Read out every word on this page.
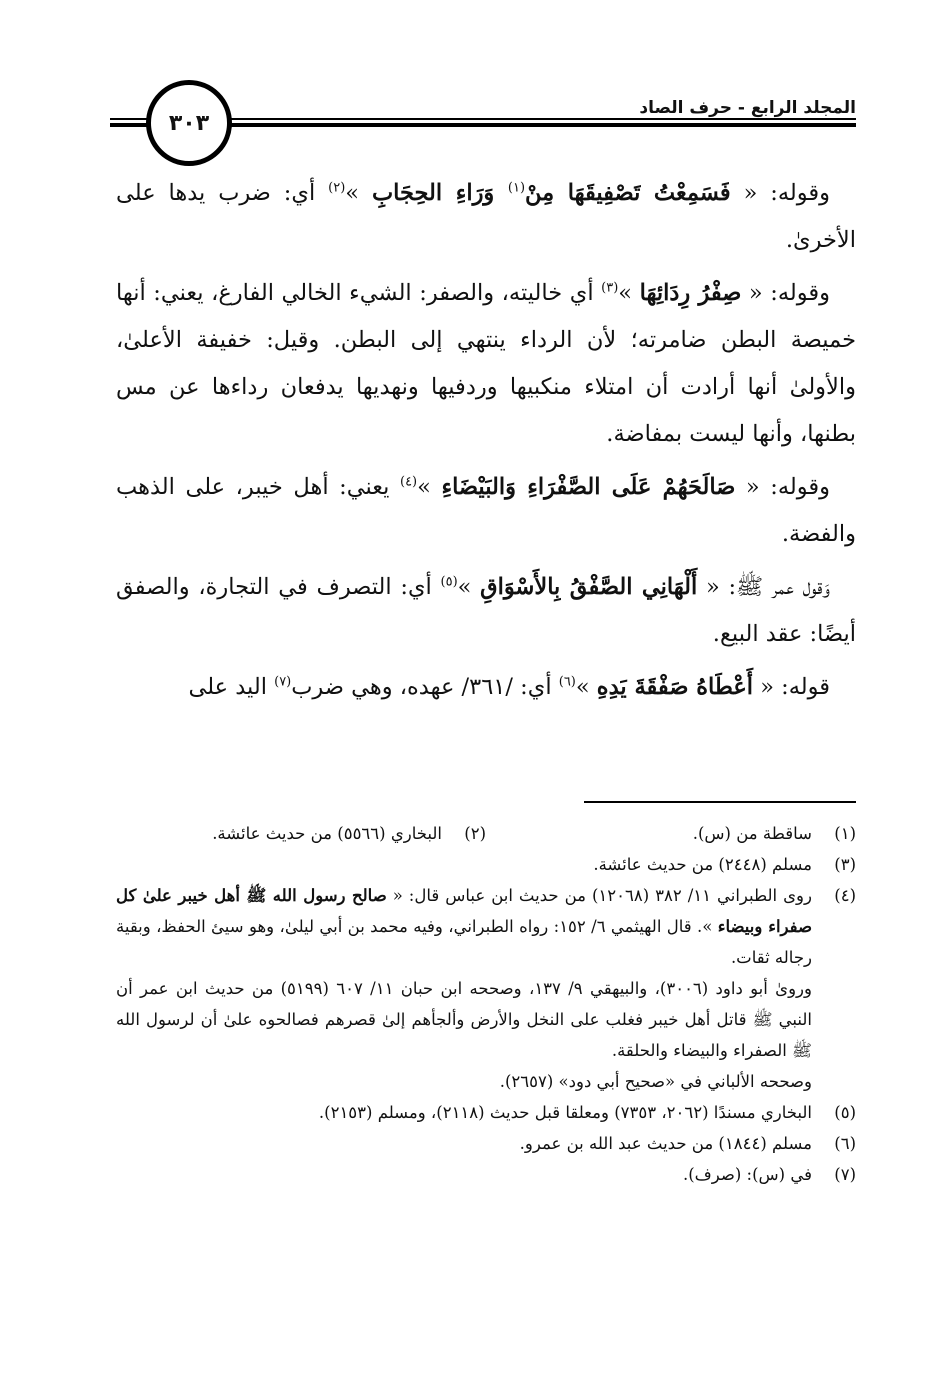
المجلد الرابع - حرف الصاد
٣٠٣

وقوله: « فَسَمِعْتُ تَصْفِيقَهَا مِنْ$^{(١)}$ وَرَاءِ الحِجَابِ »$^{(٢)}$ أي: ضرب يدها على الأخرىٰ.

وقوله: « صِفْرُ رِدَائِهَا »$^{(٣)}$ أي خاليته، والصفر: الشيء الخالي الفارغ، يعني: أنها خميصة البطن ضامرته؛ لأن الرداء ينتهي إلى البطن. وقيل: خفيفة الأعلىٰ، والأولىٰ أنها أرادت أن امتلاء منكبيها وردفيها ونهديها يدفعان رداءها عن مس بطنها، وأنها ليست بمفاضة.

وقوله: « صَالَحَهُمْ عَلَى الصَّفْرَاءِ وَالبَيْضَاءِ »$^{(٤)}$ يعني: أهل خيبر، على الذهب والفضة.

وَقول عمر ﷺ: « أَلْهَانِي الصَّفْقُ بِالأَسْوَاقِ »$^{(٥)}$ أي: التصرف في التجارة، والصفق أيضًا: عقد البيع.

قوله: « أَعْطَاهُ صَفْقَةَ يَدِهِ »$^{(٦)}$ أي: /٣٦١/ عهده، وهي ضرب$^{(٧)}$ اليد على

(١)
ساقطة من (س).
(٢)
البخاري (٥٥٦٦) من حديث عائشة.
(٣)
مسلم (٢٤٤٨) من حديث عائشة.
(٤)
روى الطبراني ١١/ ٣٨٢ (١٢٠٦٨) من حديث ابن عباس قال: « صالح رسول الله ﷺ أهل خيبر علىٰ كل صفراء وبيضاء ». قال الهيثمي ٦/ ١٥٢: رواه الطبراني، وفيه محمد بن أبي ليلىٰ، وهو سيئ الحفظ، وبقية رجاله ثقات.
ورویٰ أبو داود (٣٠٠٦)، والبيهقي ٩/ ١٣٧، وصححه ابن حبان ١١/ ٦٠٧ (٥١٩٩) من حديث ابن عمر أن النبي ﷺ قاتل أهل خيبر فغلب على النخل والأرض وألجأهم إلىٰ قصرهم فصالحوه علىٰ أن لرسول الله ﷺ الصفراء والبيضاء والحلقة.
وصححه الألباني في «صحيح أبي دود» (٢٦٥٧).
(٥)
البخاري مسندًا (٢٠٦٢، ٧٣٥٣) ومعلقا قبل حديث (٢١١٨)، ومسلم (٢١٥٣).
(٦)
مسلم (١٨٤٤) من حديث عبد الله بن عمرو.
(٧)
في (س): (صرف).
